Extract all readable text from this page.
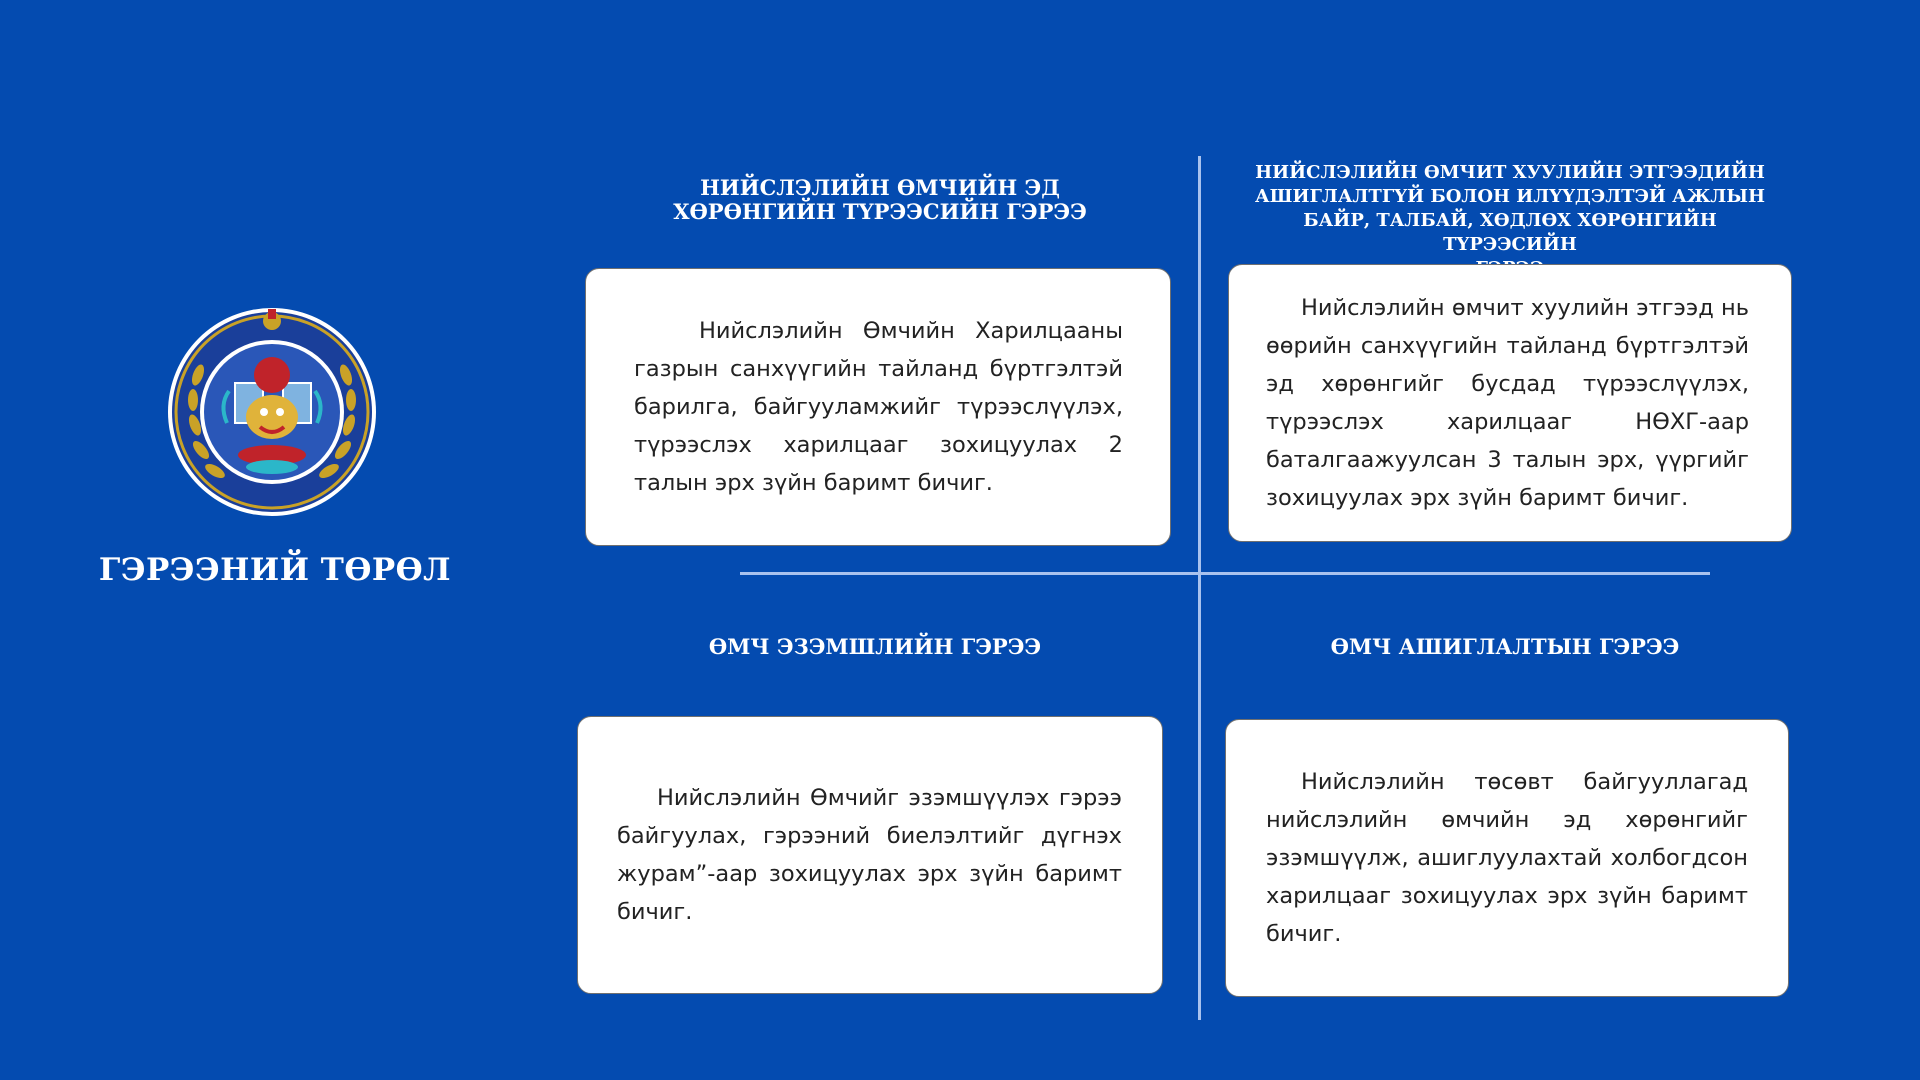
ГЭРЭЭНИЙ ТӨРӨЛ
НИЙСЛЭЛИЙН ӨМЧИЙН ЭД
ХӨРӨНГИЙН ТҮРЭЭСИЙН ГЭРЭЭ

Нийслэлийн Өмчийн Харилцааны газрын санхүүгийн тайланд бүртгэлтэй барилга, байгууламжийг түрээслүүлэх, түрээслэх харилцааг зохицуулах 2 талын эрх зүйн баримт бичиг.

НИЙСЛЭЛИЙН ӨМЧИТ ХУУЛИЙН ЭТГЭЭДИЙН
АШИГЛАЛТГҮЙ БОЛОН ИЛҮҮДЭЛТЭЙ АЖЛЫН
БАЙР, ТАЛБАЙ, ХӨДЛӨХ ХӨРӨНГИЙН ТҮРЭЭСИЙН

Нийслэлийн өмчит хуулийн этгээд нь өөрийн санхүүгийн тайланд бүртгэлтэй эд хөрөнгийг бусдад түрээслүүлэх, түрээслэх харилцааг НӨХГ-аар баталгаажуулсан 3 талын эрх, үүргийг зохицуулах эрх зүйн баримт бичиг.

ӨМЧ ЭЗЭМШЛИЙН ГЭРЭЭ

Нийслэлийн Өмчийг эзэмшүүлэх гэрээ байгуулах, гэрээний биелэлтийг дүгнэх журам”-аар зохицуулах эрх зүйн баримт бичиг.

ӨМЧ АШИГЛАЛТЫН ГЭРЭЭ

Нийслэлийн төсөвт байгууллагад нийслэлийн өмчийн эд хөрөнгийг эзэмшүүлж, ашиглуулахтай холбогдсон харилцааг зохицуулах эрх зүйн баримт бичиг.
